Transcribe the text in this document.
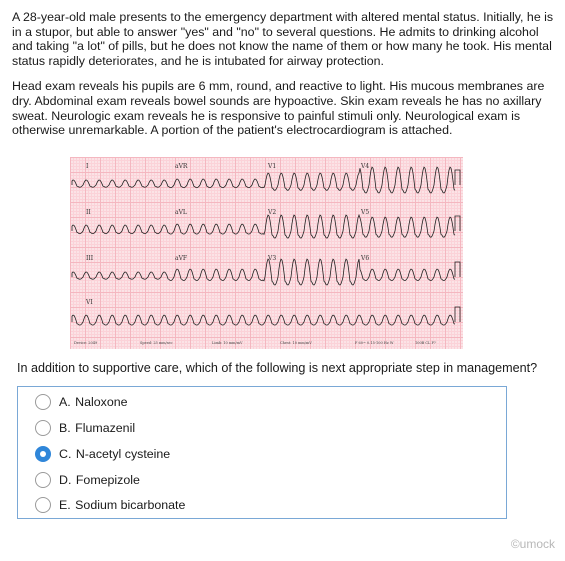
A 28-year-old male presents to the emergency department with altered mental status. Initially, he is in a stupor, but able to answer "yes" and "no" to several questions. He admits to drinking alcohol and taking "a lot" of pills, but he does not know the name of them or how many he took. His mental status rapidly deteriorates, and he is intubated for airway protection.

Head exam reveals his pupils are 6 mm, round, and reactive to light. His mucous membranes are dry. Abdominal exam reveals bowel sounds are hypoactive. Skin exam reveals he has no axillary sweat. Neurologic exam reveals he is responsive to painful stimuli only. Neurological exam is otherwise unremarkable. A portion of the patient's electrocardiogram is attached.

I	aVR	V1	V4
II	aVL	V2	V5
III	aVF	V3	V6
VI
Device: 2049	Speed: 25 mm/sec	Limb: 10 mm/mV	Chest: 10 mm/mV	F 60~ 0.15-100 Hz W	100B CL P?
In addition to supportive care, which of the following is next appropriate step in management?
A.
Naloxone
B.
Flumazenil
C.
N-acetyl cysteine
D.
Fomepizole
E.
Sodium bicarbonate
©umock
